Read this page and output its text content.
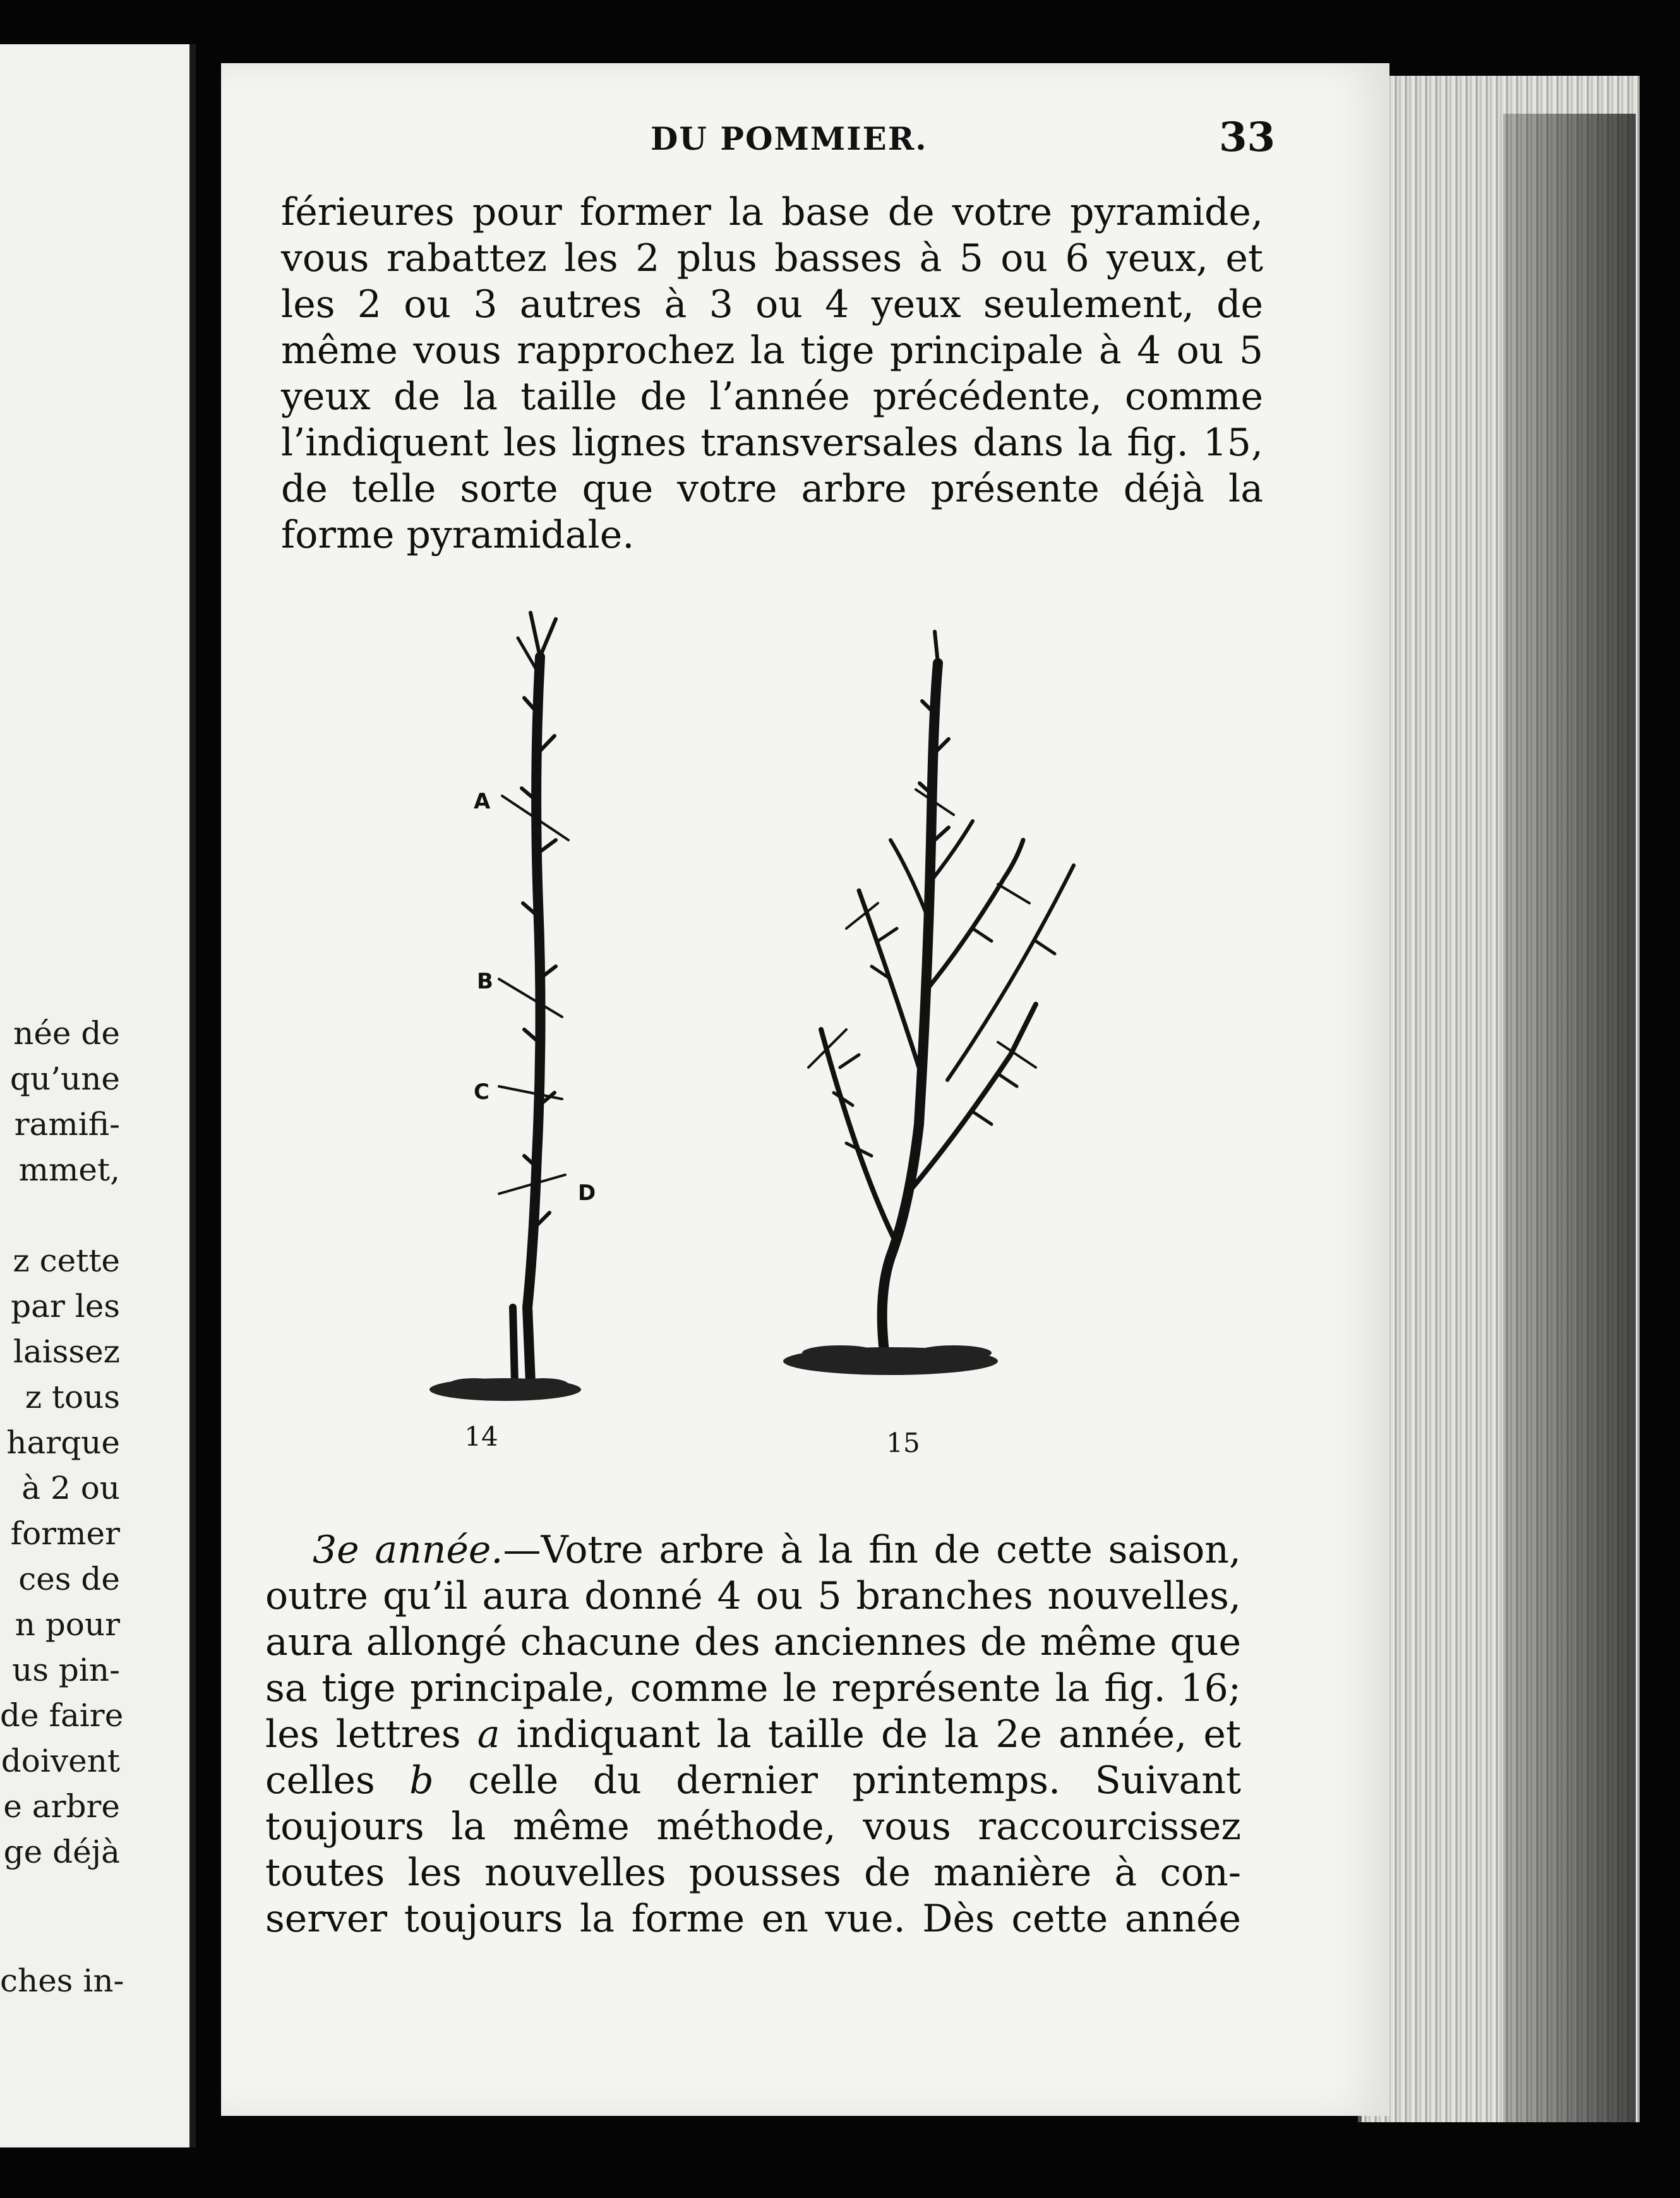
née de
qu’une
ramifi-
mmet,
z cette
par les
laissez
z tous
harque
à 2 ou
former
ces de
n pour
us pin-
de faire
doivent
e arbre
ge déjà
ches in-
DU POMMIER.	33
férieures pour former la base de votre pyramide,
vous rabattez les 2 plus basses à 5 ou 6 yeux, et
les 2 ou 3 autres à 3 ou 4 yeux seulement, de
même vous rapprochez la tige principale à 4 ou 5
yeux de la taille de l’année précédente, comme
l’indiquent les lignes transversales dans la fig. 15,
de telle sorte que votre arbre présente déjà la
forme pyramidale.
A
B
C
D
14	15
3e année.—Votre arbre à la fin de cette saison,
outre qu’il aura donné 4 ou 5 branches nouvelles,
aura allongé chacune des anciennes de même que
sa tige principale, comme le représente la fig. 16;
les lettres a indiquant la taille de la 2e année, et
celles b celle du dernier printemps. Suivant
toujours la même méthode, vous raccourcissez
toutes les nouvelles pousses de manière à con-
server toujours la forme en vue. Dès cette année
